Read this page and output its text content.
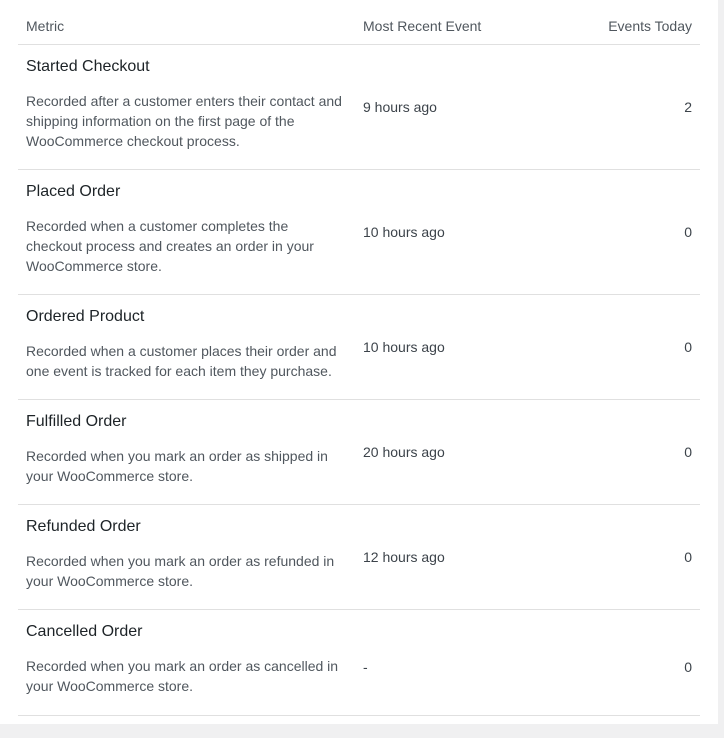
Metric	Most Recent Event	Events Today
Started Checkout
Recorded after a customer enters their contact and shipping information on the first page of the WooCommerce checkout process.
9 hours ago	2
Placed Order
Recorded when a customer completes the checkout process and creates an order in your WooCommerce store.
10 hours ago	0
Ordered Product
Recorded when a customer places their order and one event is tracked for each item they purchase.
10 hours ago	0
Fulfilled Order
Recorded when you mark an order as shipped in your WooCommerce store.
20 hours ago	0
Refunded Order
Recorded when you mark an order as refunded in your WooCommerce store.
12 hours ago	0
Cancelled Order
Recorded when you mark an order as cancelled in your WooCommerce store.
-	0
